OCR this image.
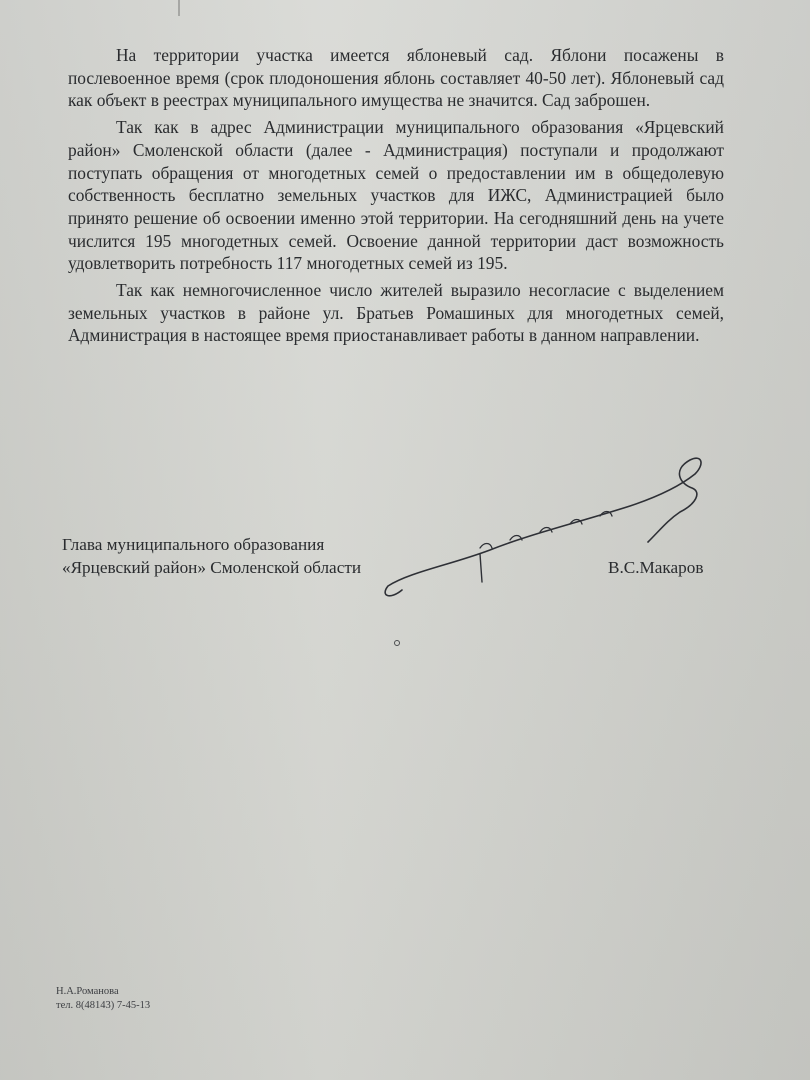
На территории участка имеется яблоневый сад. Яблони посажены в послевоенное время (срок плодоношения яблонь составляет 40-50 лет). Яблоневый сад как объект в реестрах муниципального имущества не значится. Сад заброшен.

Так как в адрес Администрации муниципального образования «Ярцевский район» Смоленской области (далее - Администрация) поступали и продолжают поступать обращения от многодетных семей о предоставлении им в общедолевую собственность бесплатно земельных участков для ИЖС, Администрацией было принято решение об освоении именно этой территории. На сегодняшний день на учете числится 195 многодетных семей. Освоение данной территории даст возможность удовлетворить потребность 117 многодетных семей из 195.

Так как немногочисленное число жителей выразило несогласие с выделением земельных участков в районе ул. Братьев Ромашиных для многодетных семей, Администрация в настоящее время приостанавливает работы в данном направлении.

Глава муниципального образования
«Ярцевский район» Смоленской области	В.С.Макаров
Н.А.Романова
тел. 8(48143) 7-45-13
